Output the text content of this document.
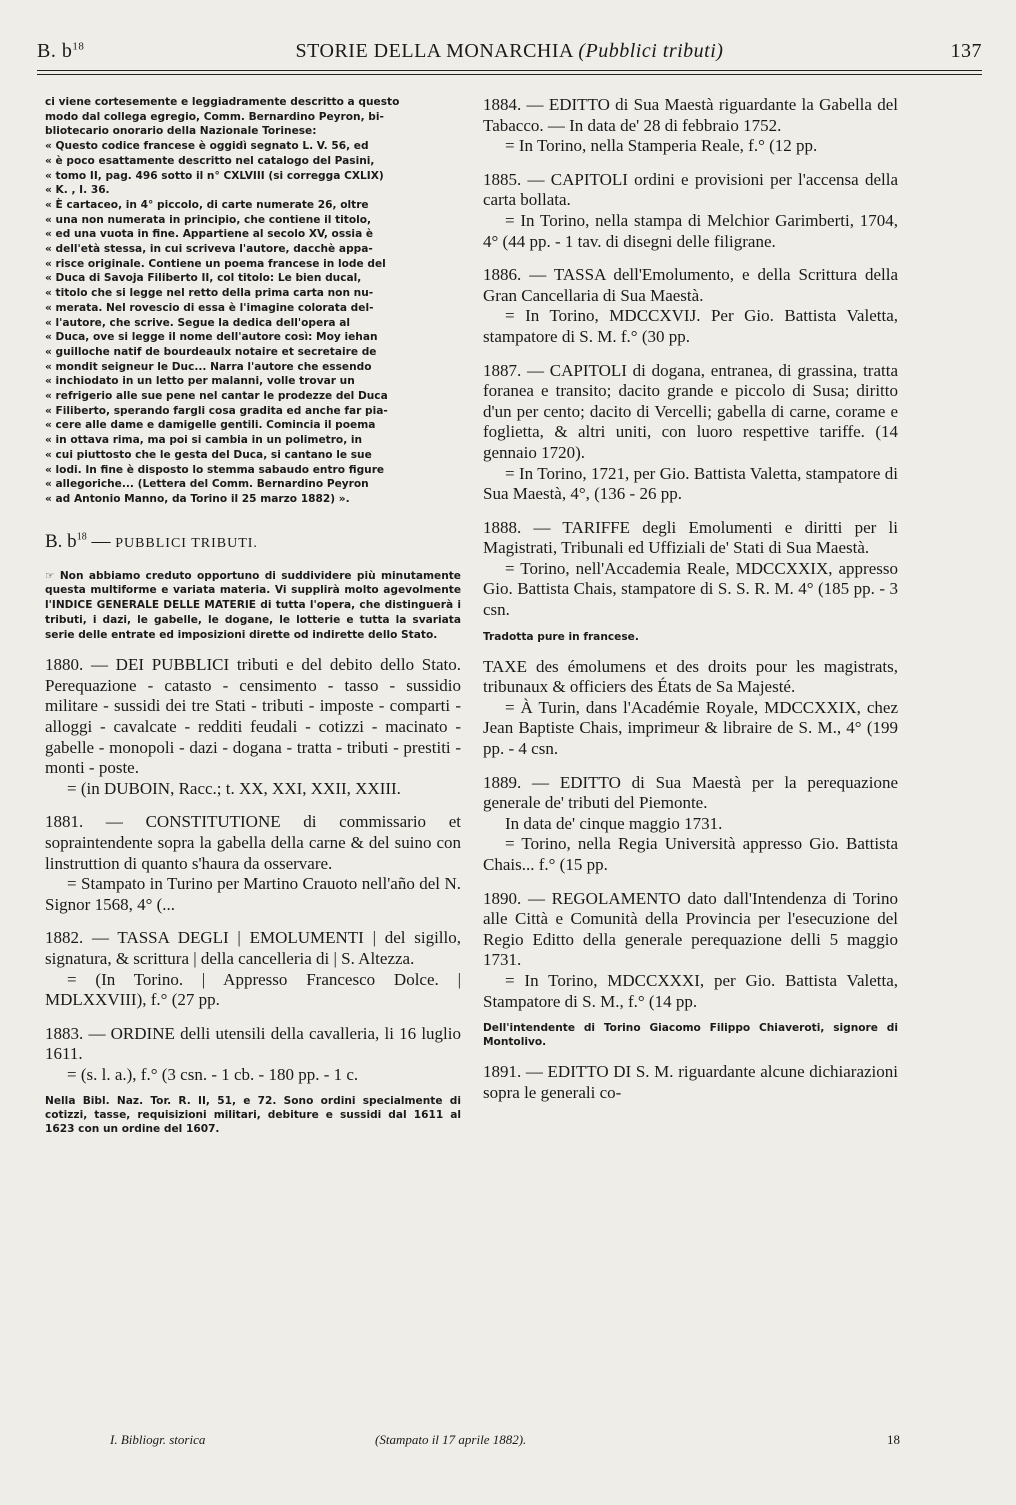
B. $b^{18}$	STORIE DELLA MONARCHIA (Pubblici tributi)	137
ci viene cortesemente e leggiadramente descritto a questo
modo dal collega egregio, Comm. Bernardino Peyron, bi-
bliotecario onorario della Nazionale Torinese:
« Questo codice francese è oggidì segnato L. V. 56, ed
« è poco esattamente descritto nel catalogo del Pasini,
« tomo II, pag. 496 sotto il n° CXLVIII (si corregga CXLIX)
« K. , I. 36.
« È cartaceo, in 4° piccolo, di carte numerate 26, oltre
« una non numerata in principio, che contiene il titolo,
« ed una vuota in fine. Appartiene al secolo XV, ossia è
« dell'età stessa, in cui scriveva l'autore, dacchè appa-
« risce originale. Contiene un poema francese in lode del
« Duca di Savoja Filiberto II, col titolo: Le bien ducal,
« titolo che si legge nel retto della prima carta non nu-
« merata. Nel rovescio di essa è l'imagine colorata del-
« l'autore, che scrive. Segue la dedica dell'opera al
« Duca, ove si legge il nome dell'autore così: Moy iehan
« guilloche natif de bourdeaulx notaire et secretaire de
« mondit seigneur le Duc... Narra l'autore che essendo
« inchiodato in un letto per malanni, volle trovar un
« refrigerio alle sue pene nel cantar le prodezze del Duca
« Filiberto, sperando fargli cosa gradita ed anche far pia-
« cere alle dame e damigelle gentili. Comincia il poema
« in ottava rima, ma poi si cambia in un polimetro, in
« cui piuttosto che le gesta del Duca, si cantano le sue
« lodi. In fine è disposto lo stemma sabaudo entro figure
« allegoriche... (Lettera del Comm. Bernardino Peyron
« ad Antonio Manno, da Torino il 25 marzo 1882) ».
B. $b^{18}$ — PUBBLICI TRIBUTI.

☞ Non abbiamo creduto opportuno di suddividere più minutamente questa multiforme e variata materia. Vi supplirà molto agevolmente l'INDICE GENERALE DELLE MATERIE di tutta l'opera, che distinguerà i tributi, i dazi, le gabelle, le dogane, le lotterie e tutta la svariata serie delle entrate ed imposizioni dirette od indirette dello Stato.

1880. — DEI PUBBLICI tributi e del debito dello Stato. Perequazione - catasto - censimento - tasso - sussidio militare - sussidi dei tre Stati - tributi - imposte - comparti - alloggi - cavalcate - redditi feudali - cotizzi - macinato - gabelle - monopoli - dazi - dogana - tratta - tributi - prestiti - monti - poste.

= (in DUBOIN, Racc.; t. XX, XXI, XXII, XXIII.

1881. — CONSTITUTIONE di commissario et sopraintendente sopra la gabella della carne & del suino con linstruttion di quanto s'haura da osservare.

= Stampato in Turino per Martino Crauoto nell'año del N. Signor 1568, 4° (...

1882. — TASSA DEGLI | EMOLUMENTI | del sigillo, signatura, & scrittura | della cancelleria di | S. Altezza.

= (In Torino. | Appresso Francesco Dolce. | MDLXXVIII), f.° (27 pp.

1883. — ORDINE delli utensili della cavalleria, li 16 luglio 1611.

= (s. l. a.), f.° (3 csn. - 1 cb. - 180 pp. - 1 c.

Nella Bibl. Naz. Tor. R. II, 51, e 72. Sono ordini specialmente di cotizzi, tasse, requisizioni militari, debiture e sussidi dal 1611 al 1623 con un ordine del 1607.

1884. — EDITTO di Sua Maestà riguardante la Gabella del Tabacco. — In data de' 28 di febbraio 1752.

= In Torino, nella Stamperia Reale, f.° (12 pp.

1885. — CAPITOLI ordini e provisioni per l'accensa della carta bollata.

= In Torino, nella stampa di Melchior Garimberti, 1704, 4° (44 pp. - 1 tav. di disegni delle filigrane.

1886. — TASSA dell'Emolumento, e della Scrittura della Gran Cancellaria di Sua Maestà.

= In Torino, MDCCXVIJ. Per Gio. Battista Valetta, stampatore di S. M. f.° (30 pp.

1887. — CAPITOLI di dogana, entranea, di grassina, tratta foranea e transito; dacito grande e piccolo di Susa; diritto d'un per cento; dacito di Vercelli; gabella di carne, corame e foglietta, & altri uniti, con luoro respettive tariffe. (14 gennaio 1720).

= In Torino, 1721, per Gio. Battista Valetta, stampatore di Sua Maestà, 4°, (136 - 26 pp.

1888. — TARIFFE degli Emolumenti e diritti per li Magistrati, Tribunali ed Uffiziali de' Stati di Sua Maestà.

= Torino, nell'Accademia Reale, MDCCXXIX, appresso Gio. Battista Chais, stampatore di S. S. R. M. 4° (185 pp. - 3 csn.

Tradotta pure in francese.

TAXE des émolumens et des droits pour les magistrats, tribunaux & officiers des États de Sa Majesté.

= À Turin, dans l'Académie Royale, MDCCXXIX, chez Jean Baptiste Chais, imprimeur & libraire de S. M., 4° (199 pp. - 4 csn.

1889. — EDITTO di Sua Maestà per la perequazione generale de' tributi del Piemonte.

In data de' cinque maggio 1731.

= Torino, nella Regia Università appresso Gio. Battista Chais... f.° (15 pp.

1890. — REGOLAMENTO dato dall'Intendenza di Torino alle Città e Comunità della Provincia per l'esecuzione del Regio Editto della generale perequazione delli 5 maggio 1731.

= In Torino, MDCCXXXI, per Gio. Battista Valetta, Stampatore di S. M., f.° (14 pp.

Dell'intendente di Torino Giacomo Filippo Chiaveroti, signore di Montolivo.

1891. — EDITTO DI S. M. riguardante alcune dichiarazioni sopra le generali co-

I. Bibliogr. storica	(Stampato il 17 aprile 1882).	18
